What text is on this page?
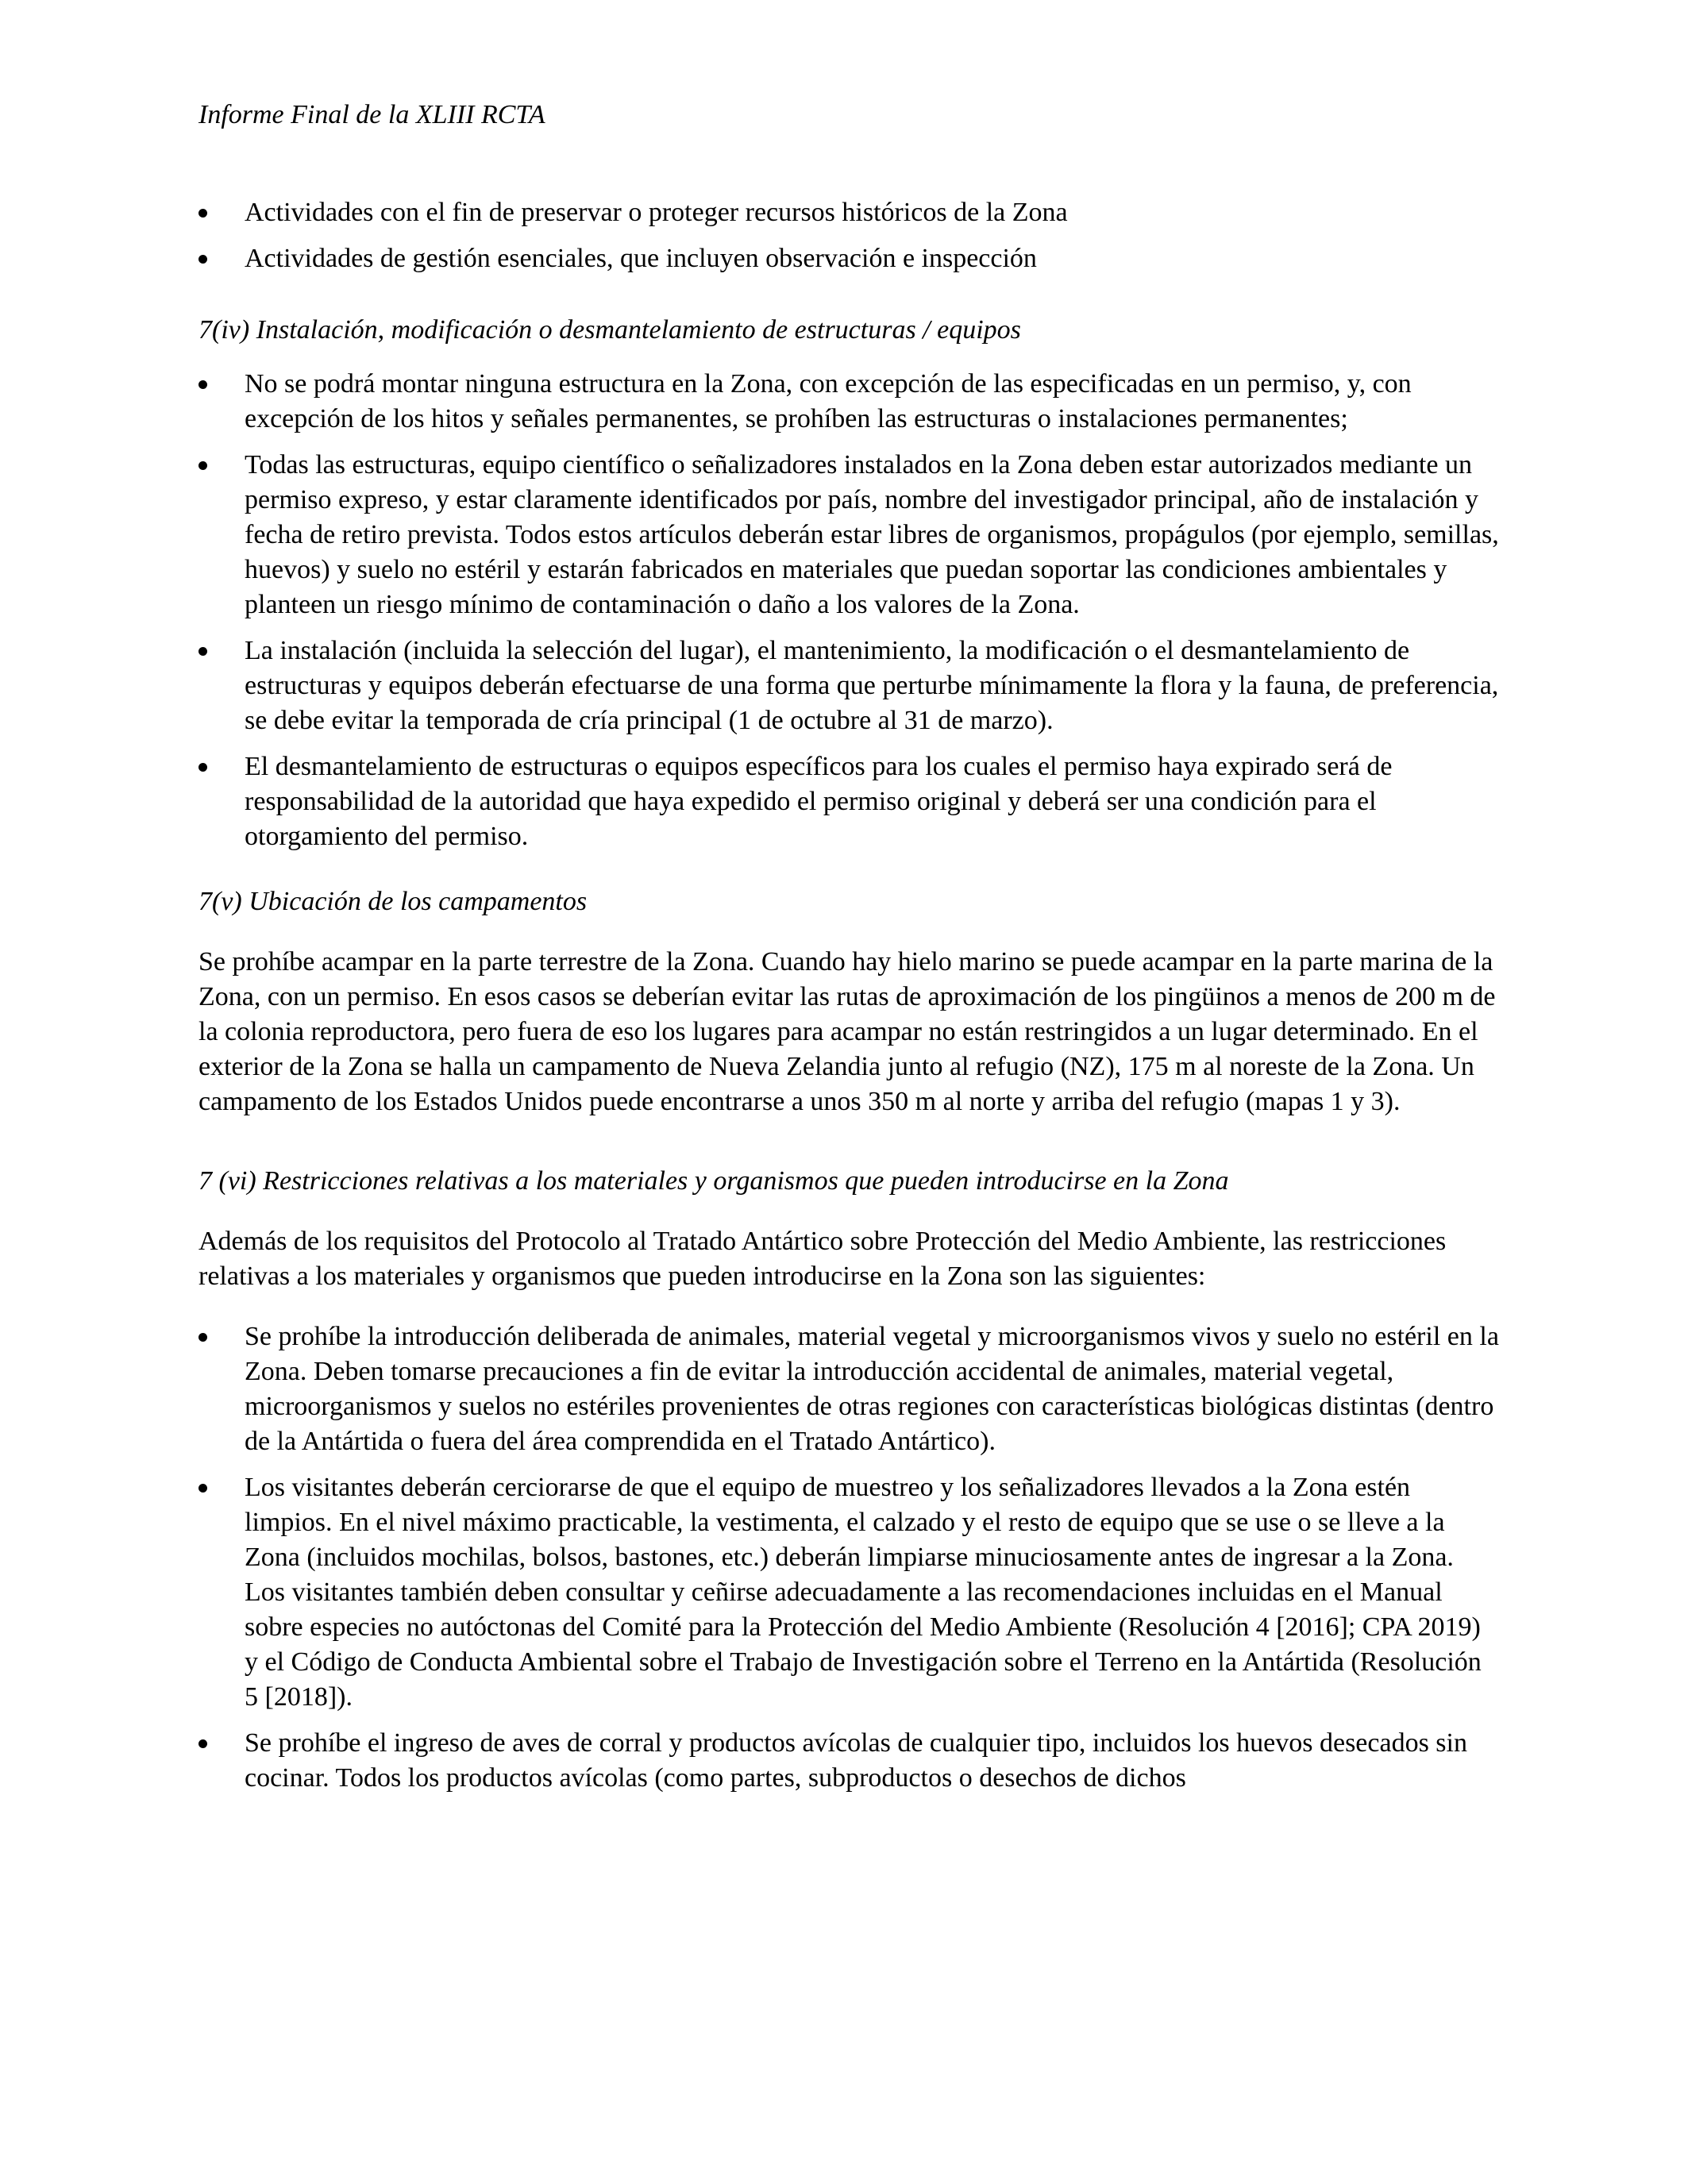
Informe Final de la XLIII RCTA
Actividades con el fin de preservar o proteger recursos históricos de la Zona
Actividades de gestión esenciales, que incluyen observación e inspección

7(iv) Instalación, modificación o desmantelamiento de estructuras / equipos

No se podrá montar ninguna estructura en la Zona, con excepción de las especificadas en un permiso, y, con excepción de los hitos y señales permanentes, se prohíben las estructuras o instalaciones permanentes;
Todas las estructuras, equipo científico o señalizadores instalados en la Zona deben estar autorizados mediante un permiso expreso, y estar claramente identificados por país, nombre del investigador principal, año de instalación y fecha de retiro prevista. Todos estos artículos deberán estar libres de organismos, propágulos (por ejemplo, semillas, huevos) y suelo no estéril y estarán fabricados en materiales que puedan soportar las condiciones ambientales y planteen un riesgo mínimo de contaminación o daño a los valores de la Zona.
La instalación (incluida la selección del lugar), el mantenimiento, la modificación o el desmantelamiento de estructuras y equipos deberán efectuarse de una forma que perturbe mínimamente la flora y la fauna, de preferencia, se debe evitar la temporada de cría principal (1 de octubre al 31 de marzo).
El desmantelamiento de estructuras o equipos específicos para los cuales el permiso haya expirado será de responsabilidad de la autoridad que haya expedido el permiso original y deberá ser una condición para el otorgamiento del permiso.

7(v) Ubicación de los campamentos

Se prohíbe acampar en la parte terrestre de la Zona. Cuando hay hielo marino se puede acampar en la parte marina de la Zona, con un permiso. En esos casos se deberían evitar las rutas de aproximación de los pingüinos a menos de 200 m de la colonia reproductora, pero fuera de eso los lugares para acampar no están restringidos a un lugar determinado. En el exterior de la Zona se halla un campamento de Nueva Zelandia junto al refugio (NZ), 175 m al noreste de la Zona. Un campamento de los Estados Unidos puede encontrarse a unos 350 m al norte y arriba del refugio (mapas 1 y 3).

7 (vi) Restricciones relativas a los materiales y organismos que pueden introducirse en la Zona

Además de los requisitos del Protocolo al Tratado Antártico sobre Protección del Medio Ambiente, las restricciones relativas a los materiales y organismos que pueden introducirse en la Zona son las siguientes:

Se prohíbe la introducción deliberada de animales, material vegetal y microorganismos vivos y suelo no estéril en la Zona. Deben tomarse precauciones a fin de evitar la introducción accidental de animales, material vegetal, microorganismos y suelos no estériles provenientes de otras regiones con características biológicas distintas (dentro de la Antártida o fuera del área comprendida en el Tratado Antártico).
Los visitantes deberán cerciorarse de que el equipo de muestreo y los señalizadores llevados a la Zona estén limpios. En el nivel máximo practicable, la vestimenta, el calzado y el resto de equipo que se use o se lleve a la Zona (incluidos mochilas, bolsos, bastones, etc.) deberán limpiarse minuciosamente antes de ingresar a la Zona. Los visitantes también deben consultar y ceñirse adecuadamente a las recomendaciones incluidas en el Manual sobre especies no autóctonas del Comité para la Protección del Medio Ambiente (Resolución 4 [2016]; CPA 2019) y el Código de Conducta Ambiental sobre el Trabajo de Investigación sobre el Terreno en la Antártida (Resolución 5 [2018]).
Se prohíbe el ingreso de aves de corral y productos avícolas de cualquier tipo, incluidos los huevos desecados sin cocinar. Todos los productos avícolas (como partes, subproductos o desechos de dichos
